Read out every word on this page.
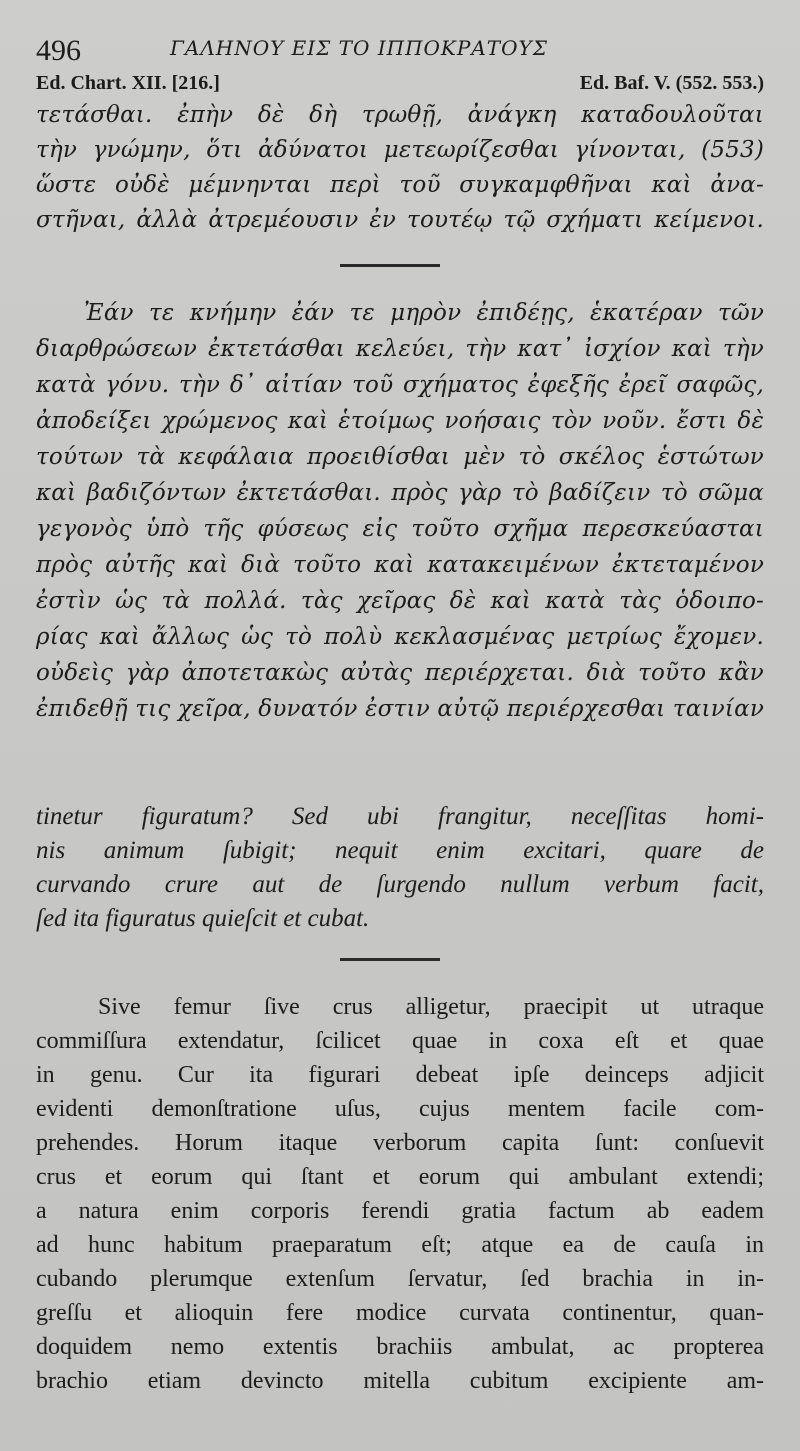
496	ΓΑΛΗΝΟΥ ΕΙΣ ΤΟ ΙΠΠΟΚΡΑΤΟΥΣ
Ed. Chart. XII. [216.]	Ed. Baf. V. (552. 553.)
τετάσθαι. ἐπὴν δὲ δὴ τρωθῇ, ἀνάγκη καταδουλοῦται
τὴν γνώμην, ὅτι ἀδύνατοι μετεωρίζεσθαι γίνονται, (553)
ὥστε οὐδὲ μέμνηνται περὶ τοῦ συγκαμφθῆναι καὶ ἀνα-
στῆναι, ἀλλὰ ἀτρεμέουσιν ἐν τουτέῳ τῷ σχήματι κείμενοι.
Ἐάν τε κνήμην ἐάν τε μηρὸν ἐπιδέῃς, ἑκατέραν τῶν
διαρθρώσεων ἐκτετάσθαι κελεύει, τὴν κατ᾽ ἰσχίον καὶ τὴν
κατὰ γόνυ. τὴν δ᾽ αἰτίαν τοῦ σχήματος ἐφεξῆς ἐρεῖ σαφῶς,
ἀποδείξει χρώμενος καὶ ἑτοίμως νοήσαις τὸν νοῦν. ἔστι δὲ
τούτων τὰ κεφάλαια προειθίσθαι μὲν τὸ σκέλος ἑστώτων
καὶ βαδιζόντων ἐκτετάσθαι. πρὸς γὰρ τὸ βαδίζειν τὸ σῶμα
γεγονὸς ὑπὸ τῆς φύσεως εἰς τοῦτο σχῆμα περεσκεύασται
πρὸς αὐτῆς καὶ διὰ τοῦτο καὶ κατακειμένων ἐκτεταμένον
ἐστὶν ὡς τὰ πολλά. τὰς χεῖρας δὲ καὶ κατὰ τὰς ὁδοιπο-
ρίας καὶ ἄλλως ὡς τὸ πολὺ κεκλασμένας μετρίως ἔχομεν.
οὐδεὶς γὰρ ἀποτετακὼς αὐτὰς περιέρχεται. διὰ τοῦτο κἂν
ἐπιδεθῇ τις χεῖρα, δυνατόν ἐστιν αὐτῷ περιέρχεσθαι ταινίαν
tinetur figuratum? Sed ubi frangitur, neceſſitas homi-
nis animum ſubigit; nequit enim excitari, quare de
curvando crure aut de ſurgendo nullum verbum facit,
ſed ita figuratus quieſcit et cubat.
Sive femur ſive crus alligetur, praecipit ut utraque
commiſſura extendatur, ſcilicet quae in coxa eſt et quae
in genu. Cur ita figurari debeat ipſe deinceps adjicit
evidenti demonſtratione uſus, cujus mentem facile com-
prehendes. Horum itaque verborum capita ſunt: conſuevit
crus et eorum qui ſtant et eorum qui ambulant extendi;
a natura enim corporis ferendi gratia factum ab eadem
ad hunc habitum praeparatum eſt; atque ea de cauſa in
cubando plerumque extenſum ſervatur, ſed brachia in in-
greſſu et alioquin fere modice curvata continentur, quan-
doquidem nemo extentis brachiis ambulat, ac propterea
brachio etiam devincto mitella cubitum excipiente am-
